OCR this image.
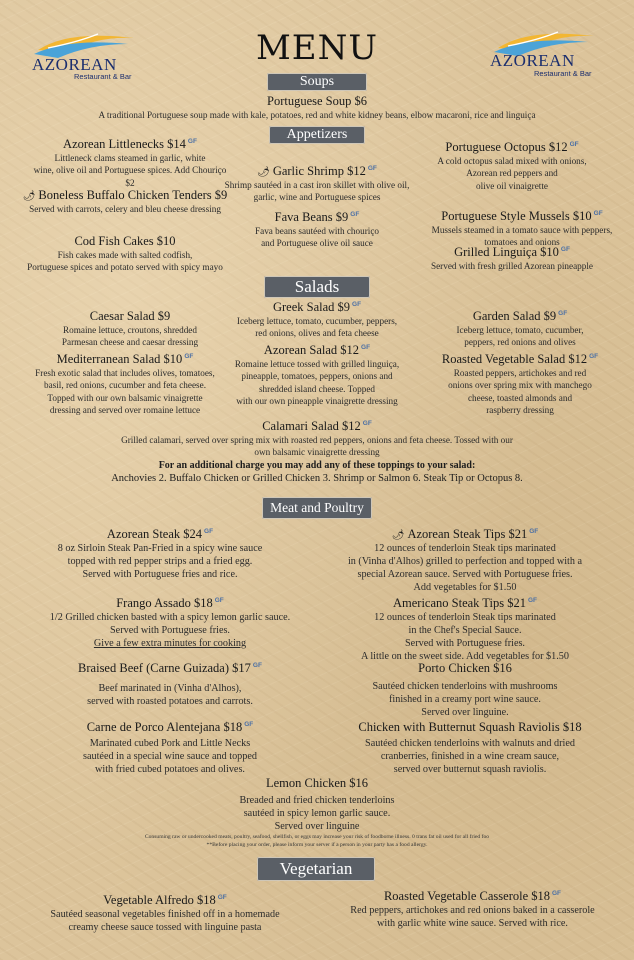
AZOREAN
Restaurant & Bar
AZOREAN
Restaurant & Bar
MENU
Soups
Portuguese Soup $6
A traditional Portuguese soup made with kale, potatoes, red and white kidney beans, elbow macaroni, rice and linguiça
Appetizers
Azorean Littlenecks $14 $^{GF}$
Littleneck clams steamed in garlic, white
wine, olive oil and Portuguese spices. Add Chouriço $2
🌶 Garlic Shrimp $12 $^{GF}$
Shrimp sautéed in a cast iron skillet with olive oil,
garlic, wine and Portuguese spices
Portuguese Octopus $12 $^{GF}$
A cold octopus salad mixed with onions,
Azorean red peppers and
olive oil vinaigrette
🌶 Boneless Buffalo Chicken Tenders $9
Served with carrots, celery and bleu cheese dressing
Fava Beans $9 $^{GF}$
Fava beans sautéed with chouriço
and Portuguese olive oil sauce
Portuguese Style Mussels $10 $^{GF}$
Mussels steamed in a tomato sauce with peppers,
tomatoes and onions
Cod Fish Cakes $10
Fish cakes made with salted codfish,
Portuguese spices and potato served with spicy mayo
Grilled Linguiça $10 $^{GF}$
Served with fresh grilled Azorean pineapple
Salads
Greek Salad $9 $^{GF}$
Iceberg lettuce, tomato, cucumber, peppers,
red onions, olives and feta cheese
Caesar Salad $9
Romaine lettuce, croutons, shredded
Parmesan cheese and caesar dressing
Garden Salad $9 $^{GF}$
Iceberg lettuce, tomato, cucumber,
peppers, red onions and olives
Azorean Salad $12 $^{GF}$
Romaine lettuce tossed with grilled linguiça,
pineapple, tomatoes, peppers, onions and
shredded island cheese. Topped
with our own pineapple vinaigrette dressing
Mediterranean Salad $10 $^{GF}$
Fresh exotic salad that includes olives, tomatoes,
basil, red onions, cucumber and feta cheese.
Topped with our own balsamic vinaigrette
dressing and served over romaine lettuce
Roasted Vegetable Salad $12 $^{GF}$
Roasted peppers, artichokes and red
onions over spring mix with manchego
cheese, toasted almonds and
raspberry dressing
Calamari Salad $12 $^{GF}$
Grilled calamari, served over spring mix with roasted red peppers, onions and feta cheese. Tossed with our
own balsamic vinaigrette dressing
For an additional charge you may add any of these toppings to your salad:
Anchovies 2. Buffalo Chicken or Grilled Chicken 3. Shrimp or Salmon 6. Steak Tip or Octopus 8.
Meat and Poultry
Azorean Steak $24 $^{GF}$
8 oz Sirloin Steak Pan-Fried in a spicy wine sauce
topped with red pepper strips and a fried egg.
Served with Portuguese fries and rice.
🌶 Azorean Steak Tips $21 $^{GF}$
12 ounces of tenderloin Steak tips marinated
in (Vinha d'Alhos) grilled to perfection and topped with a
special Azorean sauce. Served with Portuguese fries.
Add vegetables for $1.50
Frango Assado $18 $^{GF}$
1/2 Grilled chicken basted with a spicy lemon garlic sauce.
Served with Portuguese fries.
Give a few extra minutes for cooking
Americano Steak Tips $21 $^{GF}$
12 ounces of tenderloin Steak tips marinated
in the Chef's Special Sauce.
Served with Portuguese fries.
A little on the sweet side. Add vegetables for $1.50
Braised Beef (Carne Guizada) $17 $^{GF}$
Beef marinated in (Vinha d'Alhos),
served with roasted potatoes and carrots.
Porto Chicken $16
Sautéed chicken tenderloins with mushrooms
finished in a creamy port wine sauce.
Served over linguine.
Carne de Porco Alentejana $18 $^{GF}$
Marinated cubed Pork and Little Necks
sautéed in a special wine sauce and topped
with fried cubed potatoes and olives.
Chicken with Butternut Squash Raviolis $18
Sautéed chicken tenderloins with walnuts and dried
cranberries, finished in a wine cream sauce,
served over butternut squash raviolis.
Lemon Chicken $16
Breaded and fried chicken tenderloins
sautéed in spicy lemon garlic sauce.
Served over linguine
Consuming raw or undercooked meats, poultry, seafood, shellfish, or eggs may increase your risk of foodborne illness. 0 trans fat oil used for all fried foo
**Before placing your order, please inform your server if a person in your party has a food allergy.
Vegetarian
Vegetable Alfredo $18 $^{GF}$
Sautéed seasonal vegetables finished off in a homemade
creamy cheese sauce tossed with linguine pasta
Roasted Vegetable Casserole $18 $^{GF}$
Red peppers, artichokes and red onions baked in a casserole
with garlic white wine sauce. Served with rice.
